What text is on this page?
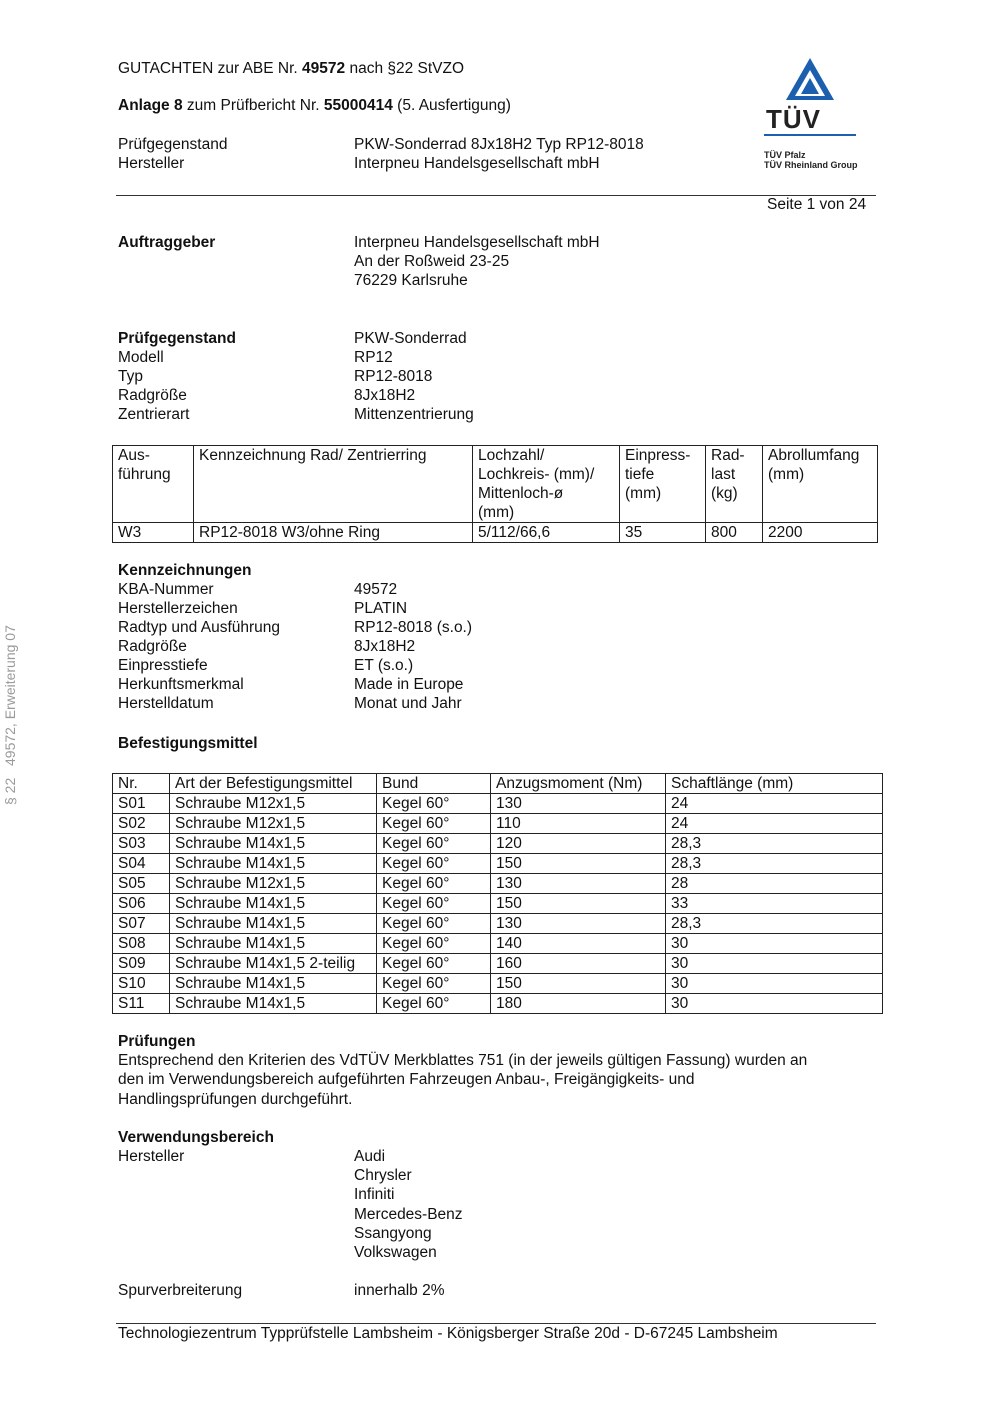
GUTACHTEN zur ABE Nr. 49572 nach §22 StVZO
Anlage 8 zum Prüfbericht Nr. 55000414 (5. Ausfertigung)
Prüfgegenstand	PKW-Sonderrad 8Jx18H2 Typ RP12-8018
Hersteller	Interpneu Handelsgesellschaft mbH
TÜV
TÜV Pfalz
TÜV Rheinland Group
Seite 1 von 24
Auftraggeber	Interpneu Handelsgesellschaft mbH
An der Roßweid 23-25
76229 Karlsruhe
Prüfgegenstand	PKW-Sonderrad
Modell	RP12
Typ	RP12-8018
Radgröße	8Jx18H2
Zentrierart	Mittenzentrierung
Aus-
führung	Kennzeichnung Rad/ Zentrierring	Lochzahl/
Lochkreis- (mm)/
Mittenloch-ø
(mm)	Einpress-
tiefe
(mm)	Rad-
last
(kg)	Abrollumfang
(mm)
W3	RP12-8018 W3/ohne Ring	5/112/66,6	35	800	2200
Kennzeichnungen
KBA-Nummer	49572
Herstellerzeichen	PLATIN
Radtyp und Ausführung	RP12-8018 (s.o.)
Radgröße	8Jx18H2
Einpresstiefe	ET (s.o.)
Herkunftsmerkmal	Made in Europe
Herstelldatum	Monat und Jahr
Befestigungsmittel
Nr.	Art der Befestigungsmittel	Bund	Anzugsmoment (Nm)	Schaftlänge (mm)
S01	Schraube M12x1,5	Kegel 60°	130	24
S02	Schraube M12x1,5	Kegel 60°	110	24
S03	Schraube M14x1,5	Kegel 60°	120	28,3
S04	Schraube M14x1,5	Kegel 60°	150	28,3
S05	Schraube M12x1,5	Kegel 60°	130	28
S06	Schraube M14x1,5	Kegel 60°	150	33
S07	Schraube M14x1,5	Kegel 60°	130	28,3
S08	Schraube M14x1,5	Kegel 60°	140	30
S09	Schraube M14x1,5 2-teilig	Kegel 60°	160	30
S10	Schraube M14x1,5	Kegel 60°	150	30
S11	Schraube M14x1,5	Kegel 60°	180	30
Prüfungen
Entsprechend den Kriterien des VdTÜV Merkblattes 751 (in der jeweils gültigen Fassung) wurden an
den im Verwendungsbereich aufgeführten Fahrzeugen Anbau-, Freigängigkeits- und
Handlingsprüfungen durchgeführt.
Verwendungsbereich
Hersteller	Audi
Chrysler
Infiniti
Mercedes-Benz
Ssangyong
Volkswagen
Spurverbreiterung	innerhalb 2%
Technologiezentrum Typprüfstelle Lambsheim - Königsberger Straße 20d - D-67245 Lambsheim
§ 22
49572, Erweiterung 07
